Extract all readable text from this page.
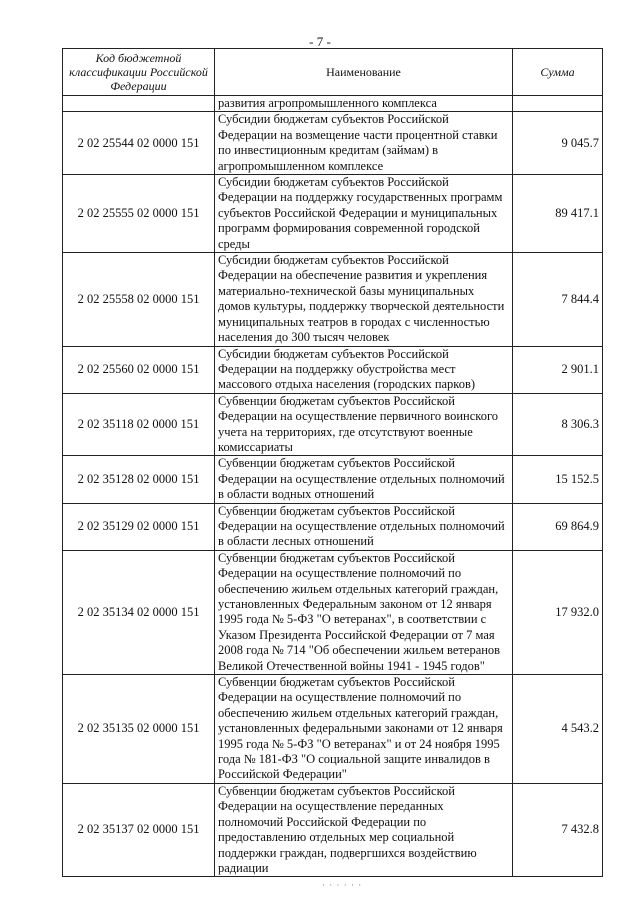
- 7 -
Код бюджетной классификации Российской Федерации	Наименование	Сумма
	развития агропромышленного комплекса	
2 02 25544 02 0000 151	Субсидии бюджетам субъектов Российской Федерации на возмещение части процентной ставки по инвестиционным кредитам (займам) в агропромышленном комплексе	9 045.7
2 02 25555 02 0000 151	Субсидии бюджетам субъектов Российской Федерации на поддержку государственных программ субъектов Российской Федерации и муниципальных программ формирования современной городской среды	89 417.1
2 02 25558 02 0000 151	Субсидии бюджетам субъектов Российской Федерации на обеспечение развития и укрепления материально-технической базы муниципальных домов культуры, поддержку творческой деятельности муниципальных театров в городах с численностью населения до 300 тысяч человек	7 844.4
2 02 25560 02 0000 151	Субсидии бюджетам субъектов Российской Федерации на поддержку обустройства мест массового отдыха населения (городских парков)	2 901.1
2 02 35118 02 0000 151	Субвенции бюджетам субъектов Российской Федерации на осуществление первичного воинского учета на территориях, где отсутствуют военные комиссариаты	8 306.3
2 02 35128 02 0000 151	Субвенции бюджетам субъектов Российской Федерации на осуществление отдельных полномочий в области водных отношений	15 152.5
2 02 35129 02 0000 151	Субвенции бюджетам субъектов Российской Федерации на осуществление отдельных полномочий в области лесных отношений	69 864.9
2 02 35134 02 0000 151	Субвенции бюджетам субъектов Российской Федерации на осуществление полномочий по обеспечению жильем отдельных категорий граждан, установленных Федеральным законом от 12 января 1995 года № 5-ФЗ "О ветеранах", в соответствии с Указом Президента Российской Федерации от 7 мая 2008 года № 714 "Об обеспечении жильем ветеранов Великой Отечественной войны 1941 - 1945 годов"	17 932.0
2 02 35135 02 0000 151	Субвенции бюджетам субъектов Российской Федерации на осуществление полномочий по обеспечению жильем отдельных категорий граждан, установленных федеральными законами от 12 января 1995 года № 5-ФЗ "О ветеранах" и от 24 ноября 1995 года № 181-ФЗ "О социальной защите инвалидов в Российской Федерации"	4 543.2
2 02 35137 02 0000 151	Субвенции бюджетам субъектов Российской Федерации на осуществление переданных полномочий Российской Федерации по предоставлению отдельных мер социальной поддержки граждан, подвергшихся воздействию радиации	7 432.8
· · · · · ·
